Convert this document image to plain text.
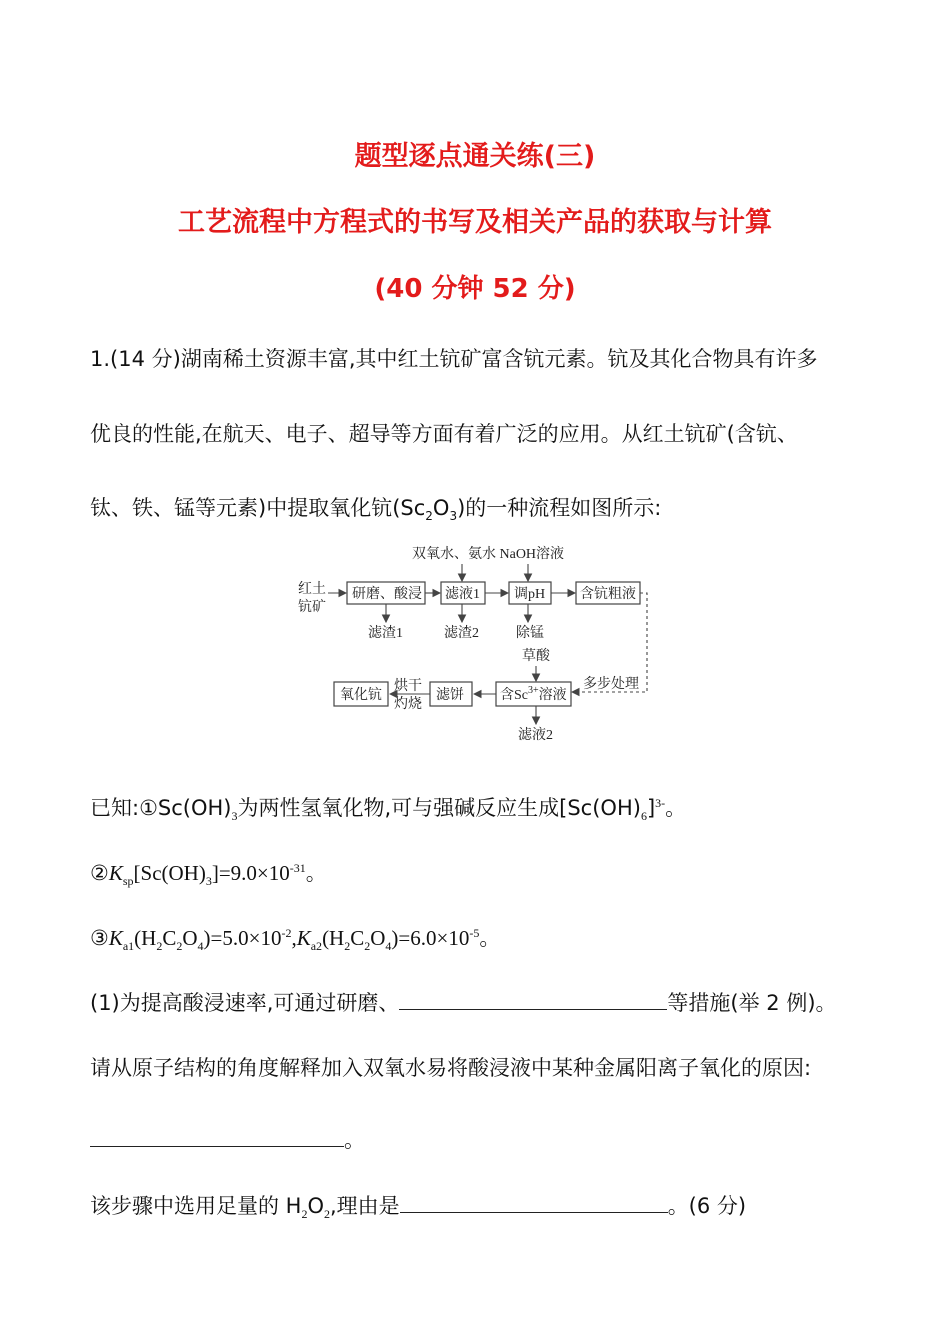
题型逐点通关练(三)
工艺流程中方程式的书写及相关产品的获取与计算
(40 分钟 52 分)
1.(14 分)湖南稀土资源丰富,其中红土钪矿富含钪元素。钪及其化合物具有许多
优良的性能,在航天、电子、超导等方面有着广泛的应用。从红土钪矿(含钪、
钛、铁、锰等元素)中提取氧化钪$(Sc_2O_3)$的一种流程如图所示:
双氧水、氨水 NaOH溶液
红土
钪矿
研磨、酸浸 滤液1 调pH 含钪粗液
滤渣1	滤渣2	除锰
多步处理
草酸
含$Sc^{3+}$溶液
滤饼
烘干
灼烧
氧化钪
滤液2
已知$:①Sc(OH)_3$为两性氢氧化物,可与强碱反应生成$[Sc(OH)_6]^{3-}$。
$②K_{sp}[Sc(OH)_3]=9.0\times 10^{-31}$。
$③K_{a1}(H_2C_2O_4)=5.0\times 10^{-2},K_{a2}(H_2C_2O_4)=6.0\times 10^{-5}$。
(1)为提高酸浸速率,可通过研磨、	等措施(举 2 例)。
请从原子结构的角度解释加入双氧水易将酸浸液中某种金属阳离子氧化的原因:
。
该步骤中选用足量的 $H_2O_2$,理由是	。(6 分)
